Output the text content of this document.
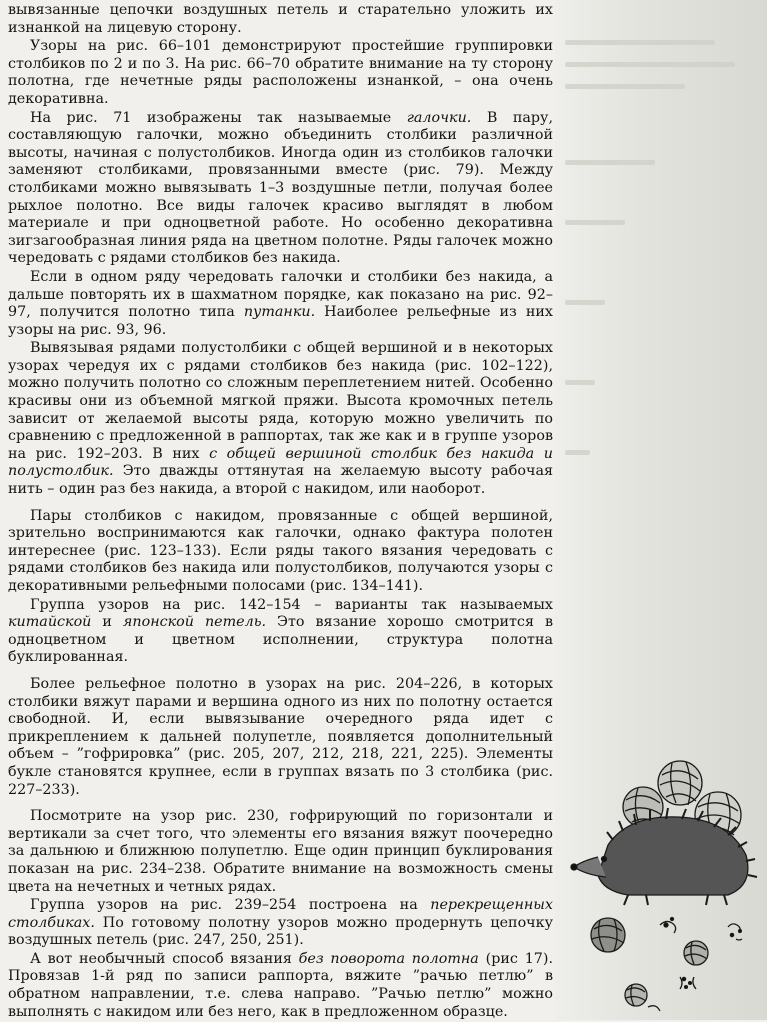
вывязанные цепочки воздушных петель и старательно уложить их изнанкой на лицевую сторону.

Узоры на рис. 66–101 демонстрируют простейшие группировки столбиков по 2 и по 3. На рис. 66–70 обратите внимание на ту сторону полотна, где нечетные ряды расположены изнанкой, – она очень декоративна.

На рис. 71 изображены так называемые галочки. В пару, составляющую галочки, можно объединить столбики различной высоты, начиная с полустолбиков. Иногда один из столбиков галочки заменяют столбиками, провязанными вместе (рис. 79). Между столбиками можно вывязывать 1–3 воздушные петли, получая более рыхлое полотно. Все виды галочек красиво выглядят в любом материале и при одноцветной работе. Но особенно декоративна зигзагообразная линия ряда на цветном полотне. Ряды галочек можно чередовать с рядами столбиков без накида.

Если в одном ряду чередовать галочки и столбики без накида, а дальше повторять их в шахматном порядке, как показано на рис. 92–97, получится полотно типа путанки. Наиболее рельефные из них узоры на рис. 93, 96.

Вывязывая рядами полустолбики с общей вершиной и в некоторых узорах чередуя их с рядами столбиков без накида (рис. 102–122), можно получить полотно со сложным переплетением нитей. Особенно красивы они из объемной мягкой пряжи. Высота кромочных петель зависит от желаемой высоты ряда, которую можно увеличить по сравнению с предложенной в раппортах, так же как и в группе узоров на рис. 192–203. В них с общей вершиной столбик без накида и полустолбик. Это дважды оттянутая на желаемую высоту рабочая нить – один раз без накида, а второй с накидом, или наоборот.

Пары столбиков с накидом, провязанные с общей вершиной, зрительно воспринимаются как галочки, однако фактура полотен интереснее (рис. 123–133). Если ряды такого вязания чередовать с рядами столбиков без накида или полустолбиков, получаются узоры с декоративными рельефными полосами (рис. 134–141).

Группа узоров на рис. 142–154 – варианты так называемых китайской и японской петель. Это вязание хорошо смотрится в одноцветном и цветном исполнении, структура полотна буклированная.

Более рельефное полотно в узорах на рис. 204–226, в которых столбики вяжут парами и вершина одного из них по полотну остается свободной. И, если вывязывание очередного ряда идет с прикреплением к дальней полупетле, появляется дополнительный объем – ”гофрировка” (рис. 205, 207, 212, 218, 221, 225). Элементы букле становятся крупнее, если в группах вязать по 3 столбика (рис. 227–233).

Посмотрите на узор рис. 230, гофрирующий по горизонтали и вертикали за счет того, что элементы его вязания вяжут поочередно за дальнюю и ближнюю полупетлю. Еще один принцип буклирования показан на рис. 234–238. Обратите внимание на возможность смены цвета на нечетных и четных рядах.

Группа узоров на рис. 239–254 построена на перекрещенных столбиках. По готовому полотну узоров можно продернуть цепочку воздушных петель (рис. 247, 250, 251).

А вот необычный способ вязания без поворота полотна (рис 17). Провязав 1-й ряд по записи раппорта, вяжите ”рачью петлю” в обратном направлении, т.е. слева направо. ”Рачью петлю” можно выполнять с накидом или без него, как в предложенном образце.
